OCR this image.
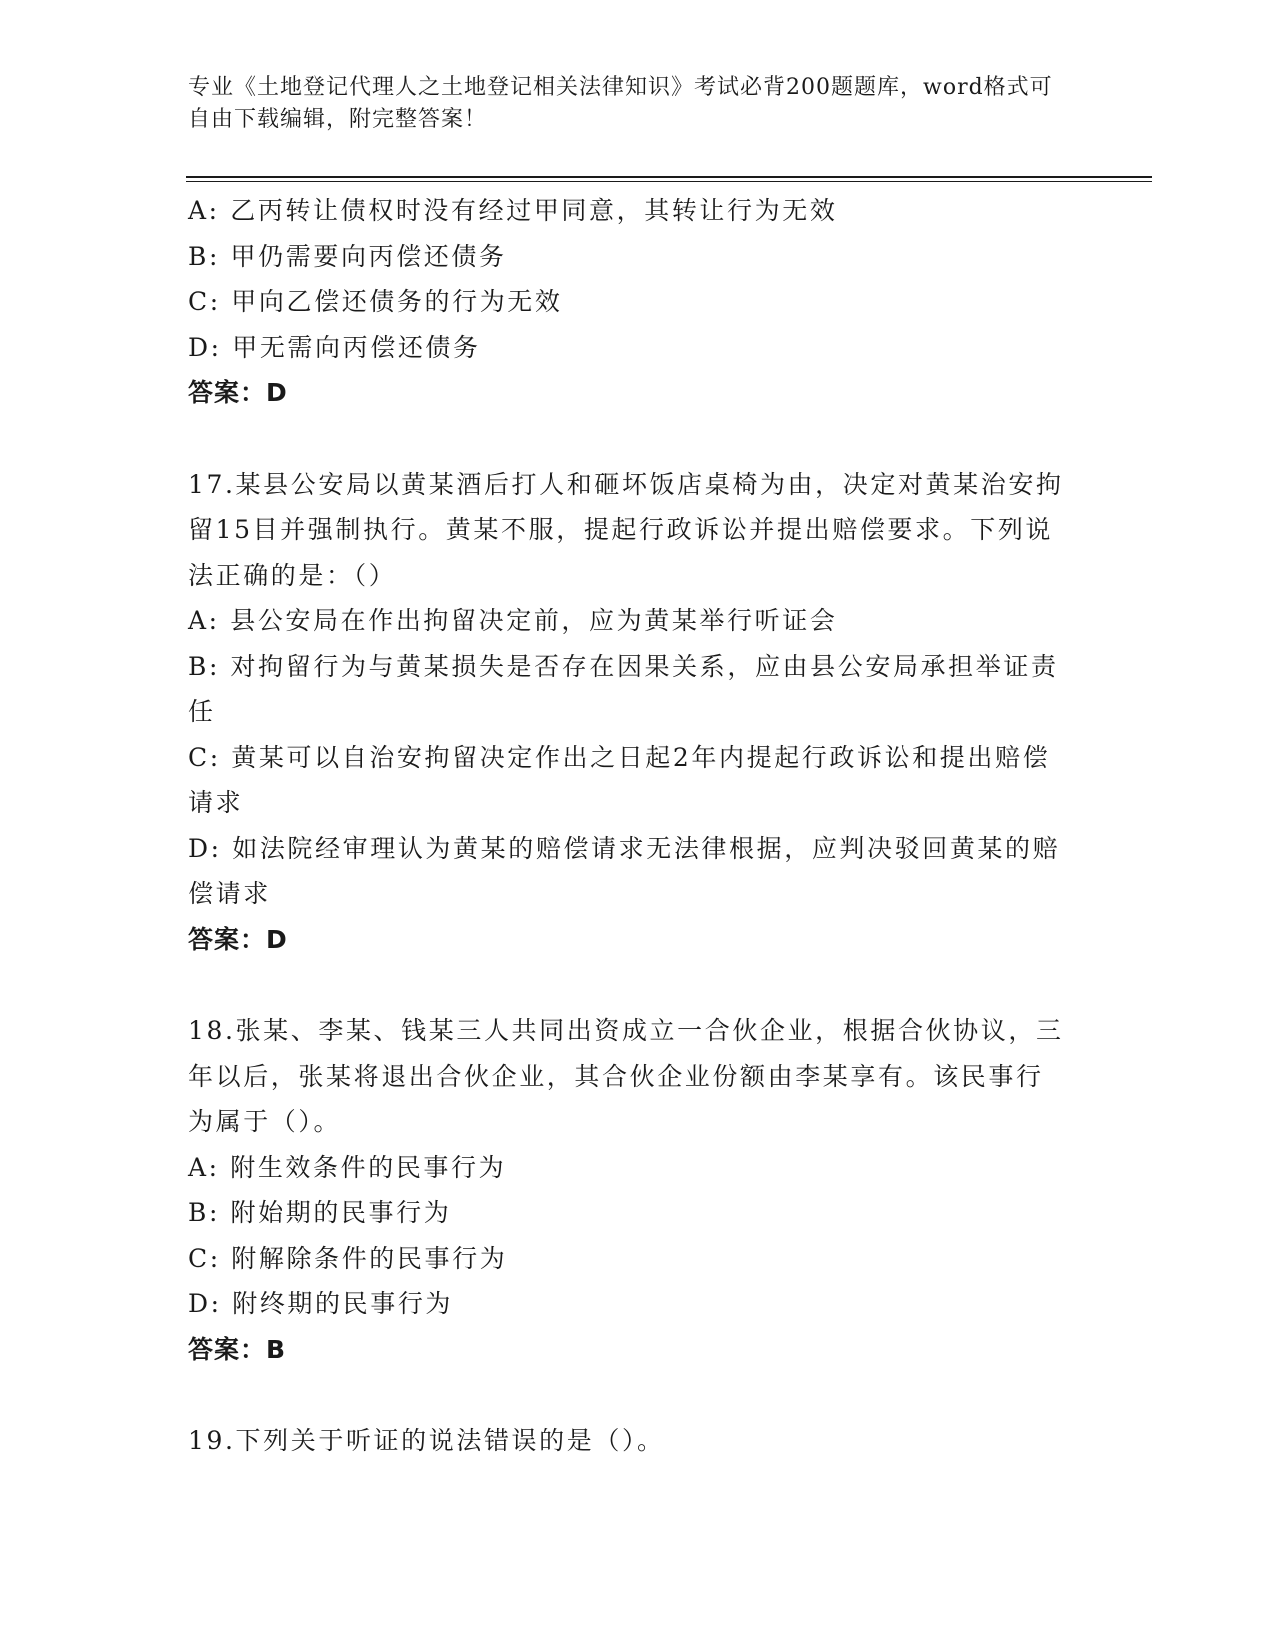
专业《土地登记代理人之土地登记相关法律知识》考试必背200题题库，word格式可自由下载编辑，附完整答案！

A: 乙丙转让债权时没有经过甲同意，其转让行为无效

B: 甲仍需要向丙偿还债务

C: 甲向乙偿还债务的行为无效

D: 甲无需向丙偿还债务

答案：D

17.某县公安局以黄某酒后打人和砸坏饭店桌椅为由，决定对黄某治安拘留15目并强制执行。黄某不服，提起行政诉讼并提出赔偿要求。下列说法正确的是：（）

A: 县公安局在作出拘留决定前，应为黄某举行听证会

B: 对拘留行为与黄某损失是否存在因果关系，应由县公安局承担举证责任

C: 黄某可以自治安拘留决定作出之日起2年内提起行政诉讼和提出赔偿请求

D: 如法院经审理认为黄某的赔偿请求无法律根据，应判决驳回黄某的赔偿请求

答案：D

18.张某、李某、钱某三人共同出资成立一合伙企业，根据合伙协议，三年以后，张某将退出合伙企业，其合伙企业份额由李某享有。该民事行为属于（）。

A: 附生效条件的民事行为

B: 附始期的民事行为

C: 附解除条件的民事行为

D: 附终期的民事行为

答案：B

19.下列关于听证的说法错误的是（）。
